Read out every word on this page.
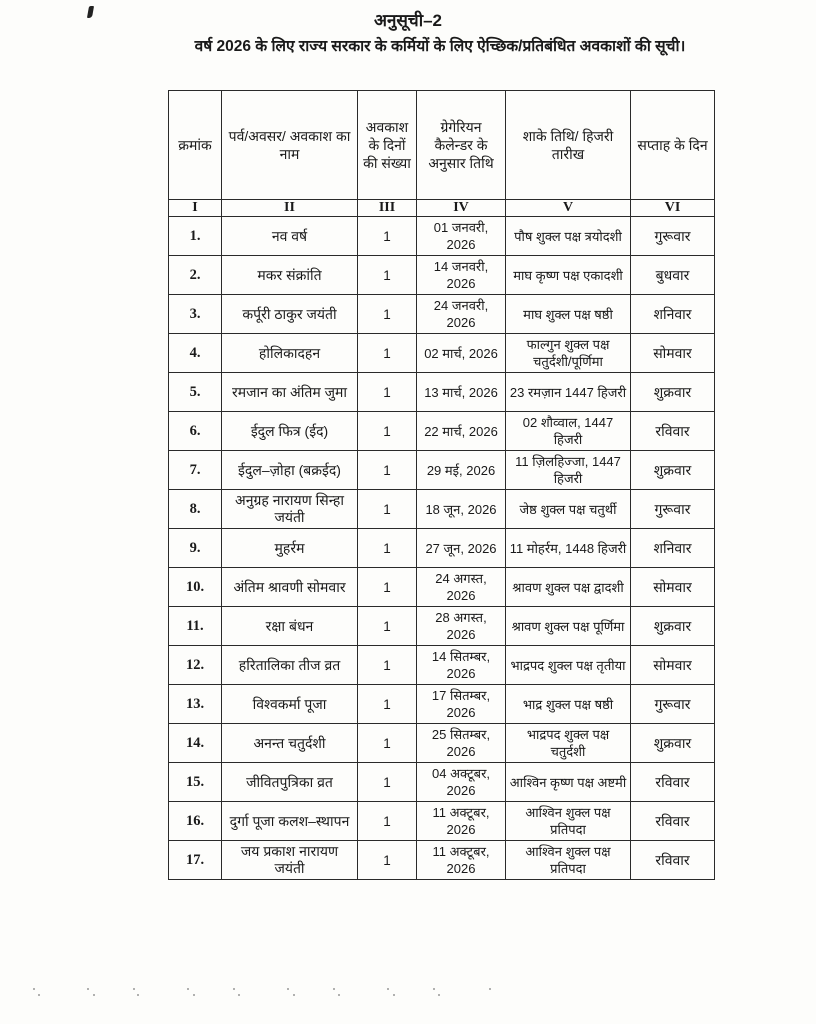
अनुसूची–2
वर्ष 2026 के लिए राज्य सरकार के कर्मियों के लिए ऐच्छिक/प्रतिबंधित अवकाशों की सूची।
क्रमांक	पर्व/अवसर/ अवकाश का नाम	अवकाश के दिनों की संख्या	ग्रेगेरियन कैलेन्डर के अनुसार तिथि	शाके तिथि/ हिजरी तारीख	सप्ताह के दिन
I	II	III	IV	V	VI
1.	नव वर्ष	1	01 जनवरी, 2026	पौष शुक्ल पक्ष त्रयोदशी	गुरूवार
2.	मकर संक्रांति	1	14 जनवरी, 2026	माघ कृष्ण पक्ष एकादशी	बुधवार
3.	कर्पूरी ठाकुर जयंती	1	24 जनवरी, 2026	माघ शुक्ल पक्ष षष्ठी	शनिवार
4.	होलिकादहन	1	02 मार्च, 2026	फाल्गुन शुक्ल पक्ष चतुर्दशी/पूर्णिमा	सोमवार
5.	रमजान का अंतिम जुमा	1	13 मार्च, 2026	23 रमज़ान 1447 हिजरी	शुक्रवार
6.	ईदुल फित्र (ईद)	1	22 मार्च, 2026	02 शौव्वाल, 1447 हिजरी	रविवार
7.	ईदुल–ज़ोहा (बक्रईद)	1	29 मई, 2026	11 ज़िलहिज्जा, 1447 हिजरी	शुक्रवार
8.	अनुग्रह नारायण सिन्हा जयंती	1	18 जून, 2026	जेष्ठ शुक्ल पक्ष चतुर्थी	गुरूवार
9.	मुहर्रम	1	27 जून, 2026	11 मोहर्रम, 1448 हिजरी	शनिवार
10.	अंतिम श्रावणी सोमवार	1	24 अगस्त, 2026	श्रावण शुक्ल पक्ष द्वादशी	सोमवार
11.	रक्षा बंधन	1	28 अगस्त, 2026	श्रावण शुक्ल पक्ष पूर्णिमा	शुक्रवार
12.	हरितालिका तीज व्रत	1	14 सितम्बर, 2026	भाद्रपद शुक्ल पक्ष तृतीया	सोमवार
13.	विश्वकर्मा पूजा	1	17 सितम्बर, 2026	भाद्र शुक्ल पक्ष षष्ठी	गुरूवार
14.	अनन्त चतुर्दशी	1	25 सितम्बर, 2026	भाद्रपद शुक्ल पक्ष चतुर्दशी	शुक्रवार
15.	जीवितपुत्रिका व्रत	1	04 अक्टूबर, 2026	आश्विन कृष्ण पक्ष अष्टमी	रविवार
16.	दुर्गा पूजा कलश–स्थापन	1	11 अक्टूबर, 2026	आश्विन शुक्ल पक्ष प्रतिपदा	रविवार
17.	जय प्रकाश नारायण जयंती	1	11 अक्टूबर, 2026	आश्विन शुक्ल पक्ष प्रतिपदा	रविवार
